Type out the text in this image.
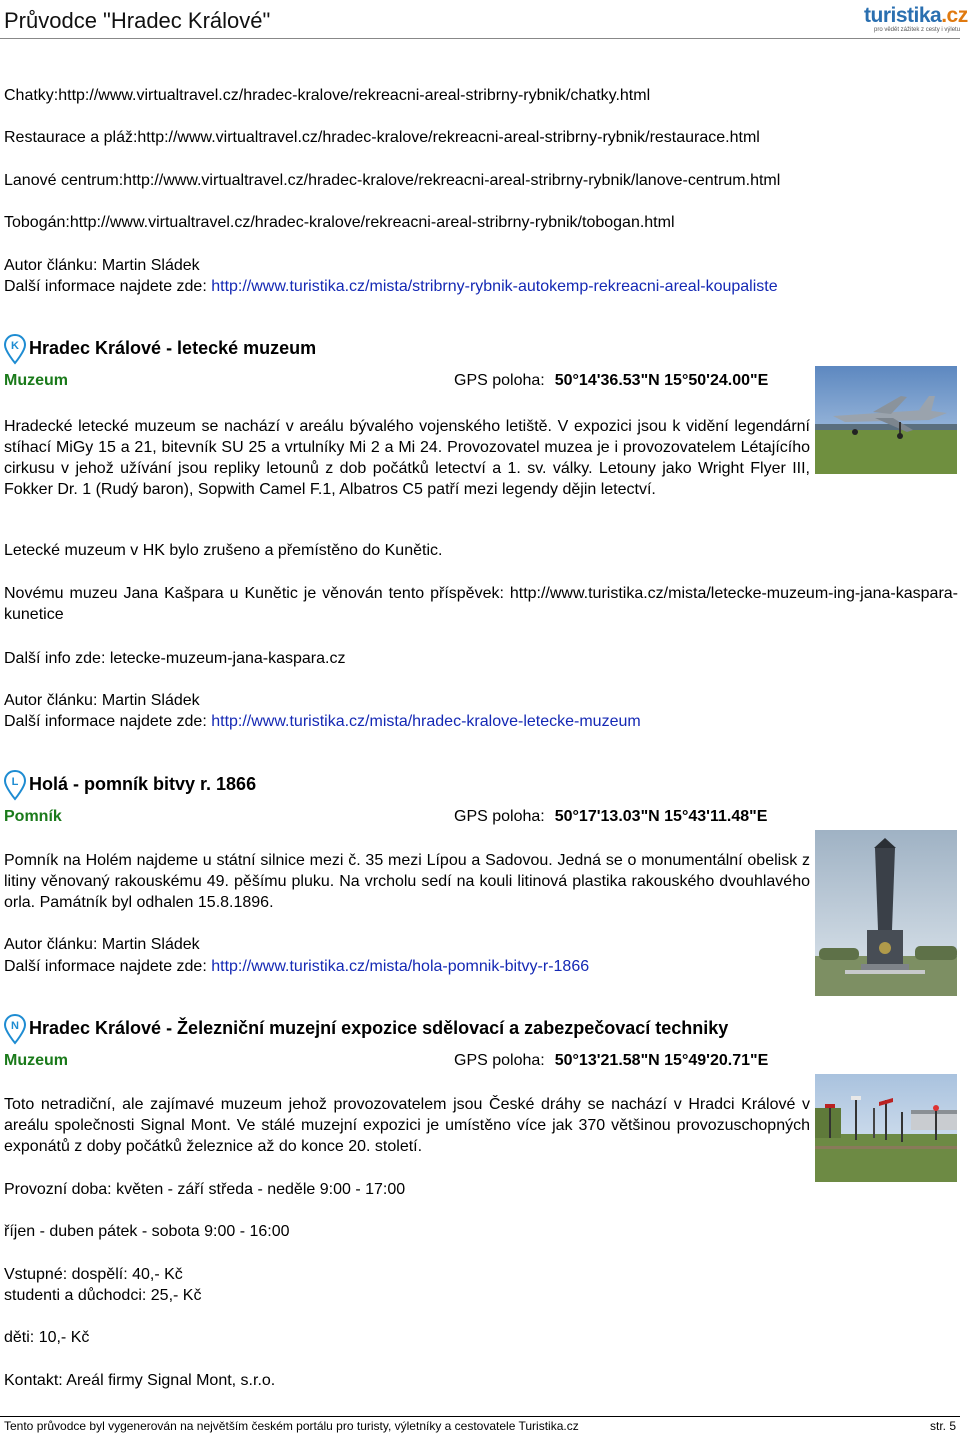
Průvodce "Hradec Králové"	turistika.cz
pro vědět zážitek z cesty i výletu
Chatky:http://www.virtualtravel.cz/hradec-kralove/rekreacni-areal-stribrny-rybnik/chatky.html
Restaurace a pláž:http://www.virtualtravel.cz/hradec-kralove/rekreacni-areal-stribrny-rybnik/restaurace.html
Lanové centrum:http://www.virtualtravel.cz/hradec-kralove/rekreacni-areal-stribrny-rybnik/lanove-centrum.html
Tobogán:http://www.virtualtravel.cz/hradec-kralove/rekreacni-areal-stribrny-rybnik/tobogan.html
Autor článku: Martin Sládek
Další informace najdete zde: http://www.turistika.cz/mista/stribrny-rybnik-autokemp-rekreacni-areal-koupaliste
K Hradec Králové - letecké muzeum
Muzeum	GPS poloha: 50°14'36.53"N 15°50'24.00"E
Hradecké letecké muzeum se nachází v areálu bývalého vojenského letiště. V expozici jsou k vidění legendární stíhací MiGy 15 a 21, bitevník SU 25 a vrtulníky Mi 2 a Mi 24. Provozovatel muzea je i provozovatelem Létajícího cirkusu v jehož užívání jsou repliky letounů z dob počátků letectví a 1. sv. války. Letouny jako Wright Flyer III, Fokker Dr. 1 (Rudý baron), Sopwith Camel F.1, Albatros C5 patří mezi legendy dějin letectví.
Letecké muzeum v HK bylo zrušeno a přemístěno do Kunětic.
Novému muzeu Jana Kašpara u Kunětic je věnován tento příspěvek: http://www.turistika.cz/mista/letecke-muzeum-ing-jana-kaspara-kunetice
Další info zde: letecke-muzeum-jana-kaspara.cz
Autor článku: Martin Sládek
Další informace najdete zde: http://www.turistika.cz/mista/hradec-kralove-letecke-muzeum
L Holá - pomník bitvy r. 1866
Pomník	GPS poloha: 50°17'13.03"N 15°43'11.48"E
Pomník na Holém najdeme u státní silnice mezi č. 35 mezi Lípou a Sadovou. Jedná se o monumentální obelisk z litiny věnovaný rakouskému 49. pěšímu pluku. Na vrcholu sedí na kouli litinová plastika rakouského dvouhlavého orla. Památník byl odhalen 15.8.1896.
Autor článku: Martin Sládek
Další informace najdete zde: http://www.turistika.cz/mista/hola-pomnik-bitvy-r-1866
N Hradec Králové - Železniční muzejní expozice sdělovací a zabezpečovací techniky
Muzeum	GPS poloha: 50°13'21.58"N 15°49'20.71"E
Toto netradiční, ale zajímavé muzeum jehož provozovatelem jsou České dráhy se nachází v Hradci Králové v areálu společnosti Signal Mont. Ve stálé muzejní expozici je umístěno více jak 370 většinou provozuschopných exponátů z doby počátků železnice až do konce 20. století.
Provozní doba: květen - září středa - neděle 9:00 - 17:00
říjen - duben pátek - sobota 9:00 - 16:00
Vstupné: dospělí: 40,- Kč
studenti a důchodci: 25,- Kč
děti: 10,- Kč
Kontakt: Areál firmy Signal Mont, s.r.o.
Tento průvodce byl vygenerován na největším českém portálu pro turisty, výletníky a cestovatele Turistika.cz	str. 5
